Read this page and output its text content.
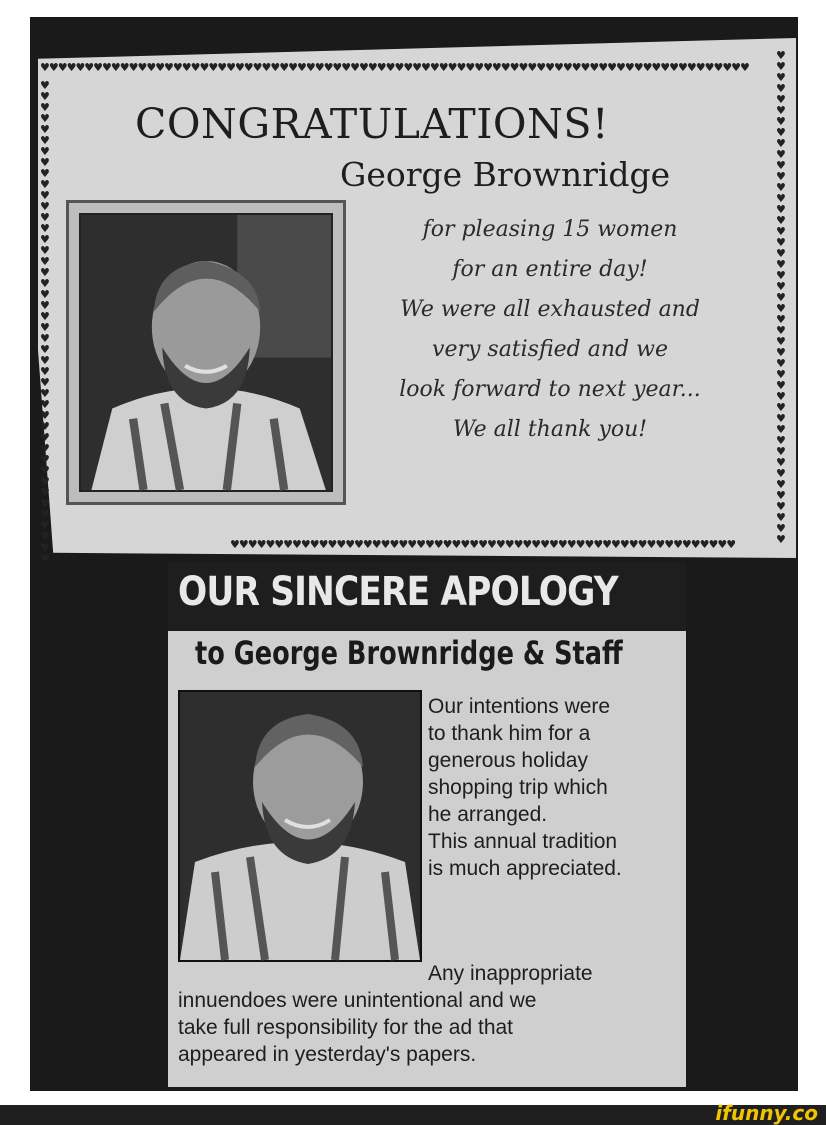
♥♥♥♥♥♥♥♥♥♥♥♥♥♥♥♥♥♥♥♥♥♥♥♥♥♥♥♥♥♥♥♥♥♥♥♥♥♥♥♥♥♥♥♥♥♥♥♥♥♥♥♥♥♥♥♥♥♥♥♥♥♥♥♥♥♥♥♥♥♥♥♥♥♥♥♥♥♥♥♥
♥♥♥♥♥♥♥♥♥♥♥♥♥♥♥♥♥♥♥♥♥♥♥♥♥♥♥♥♥♥♥♥♥♥♥♥♥♥♥♥♥♥♥♥♥♥♥♥♥♥♥♥♥♥♥♥♥
♥♥♥♥♥♥♥♥♥♥♥♥♥♥♥♥♥♥♥♥♥♥♥♥♥♥♥♥♥♥♥♥♥♥♥♥♥♥♥♥♥♥♥♥
♥♥♥♥♥♥♥♥♥♥♥♥♥♥♥♥♥♥♥♥♥♥♥♥♥♥♥♥♥♥♥♥♥♥♥♥♥♥♥♥♥♥♥♥♥
CONGRATULATIONS!
George Brownridge
for pleasing 15 women
for an entire day!
We were all exhausted and
very satisfied and we
look forward to next year...
We all thank you!
OUR SINCERE APOLOGY
to George Brownridge & Staff
Our intentions were
to thank him for a
generous holiday
shopping trip which
he arranged.
This annual tradition
is much appreciated.
Any inappropriate
innuendoes were unintentional and we
take full responsibility for the ad that
appeared in yesterday's papers.
ifunny.co
